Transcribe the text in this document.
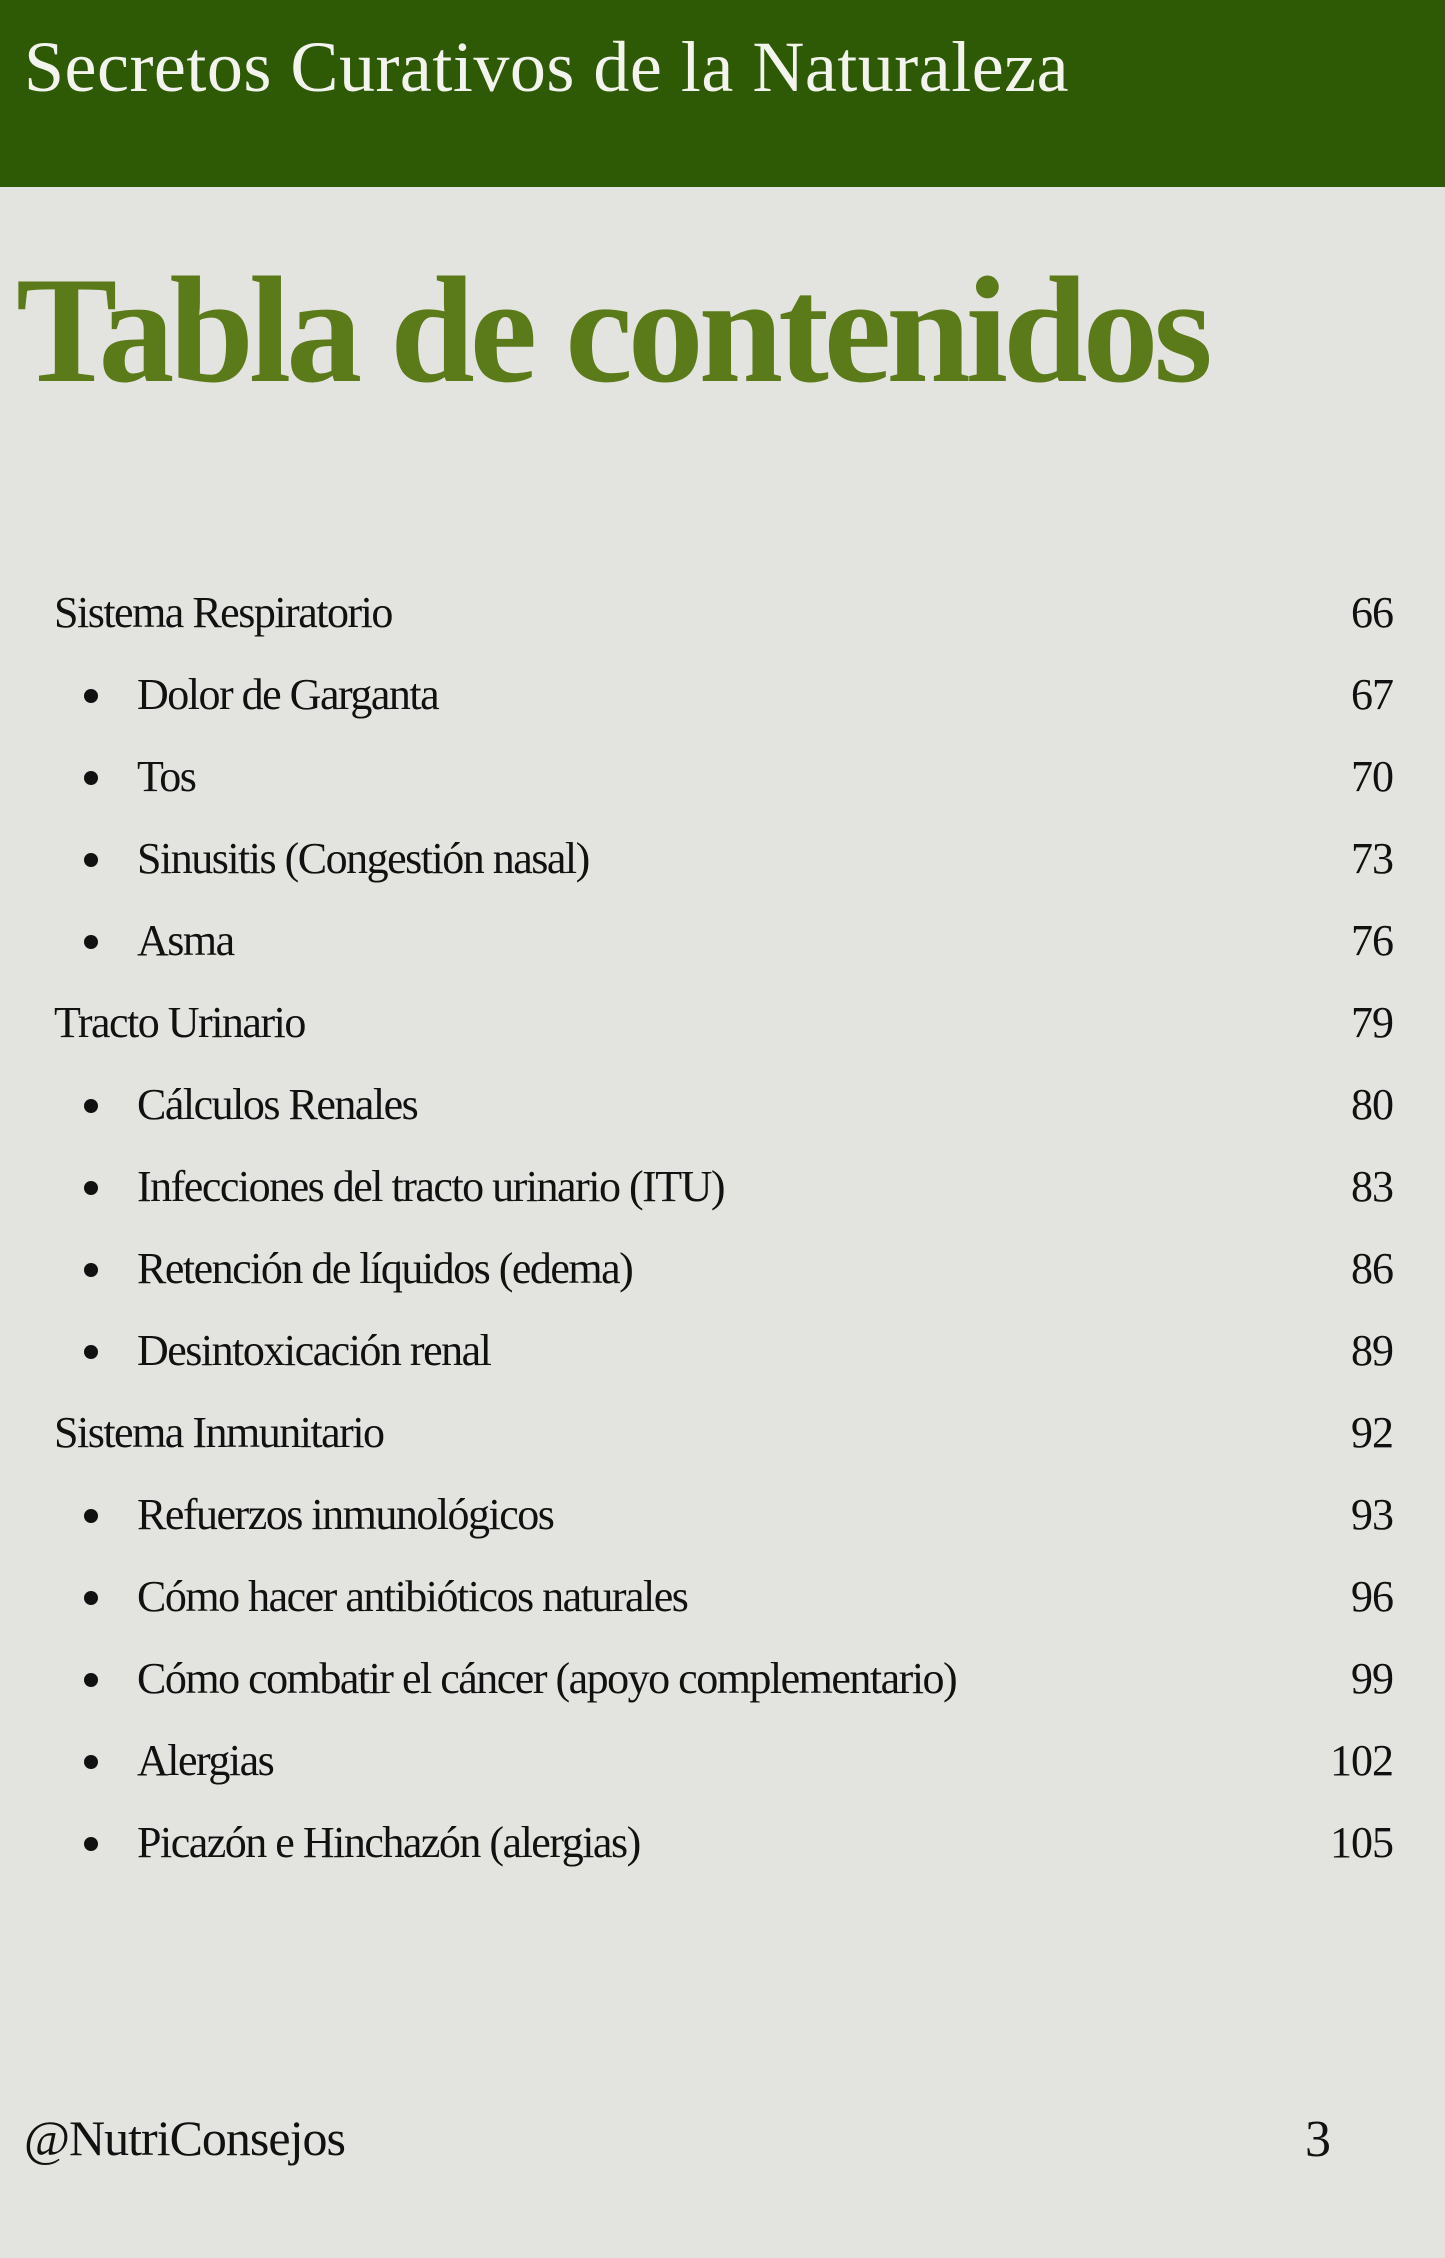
Secretos Curativos de la Naturaleza
Tabla de contenidos
Sistema Respiratorio	66
Dolor de Garganta	67
Tos	70
Sinusitis (Congestión nasal)	73
Asma	76
Tracto Urinario	79
Cálculos Renales	80
Infecciones del tracto urinario (ITU)	83
Retención de líquidos (edema)	86
Desintoxicación renal	89
Sistema Inmunitario	92
Refuerzos inmunológicos	93
Cómo hacer antibióticos naturales	96
Cómo combatir el cáncer (apoyo complementario)	99
Alergias	102
Picazón e Hinchazón (alergias)	105
@NutriConsejos	3
